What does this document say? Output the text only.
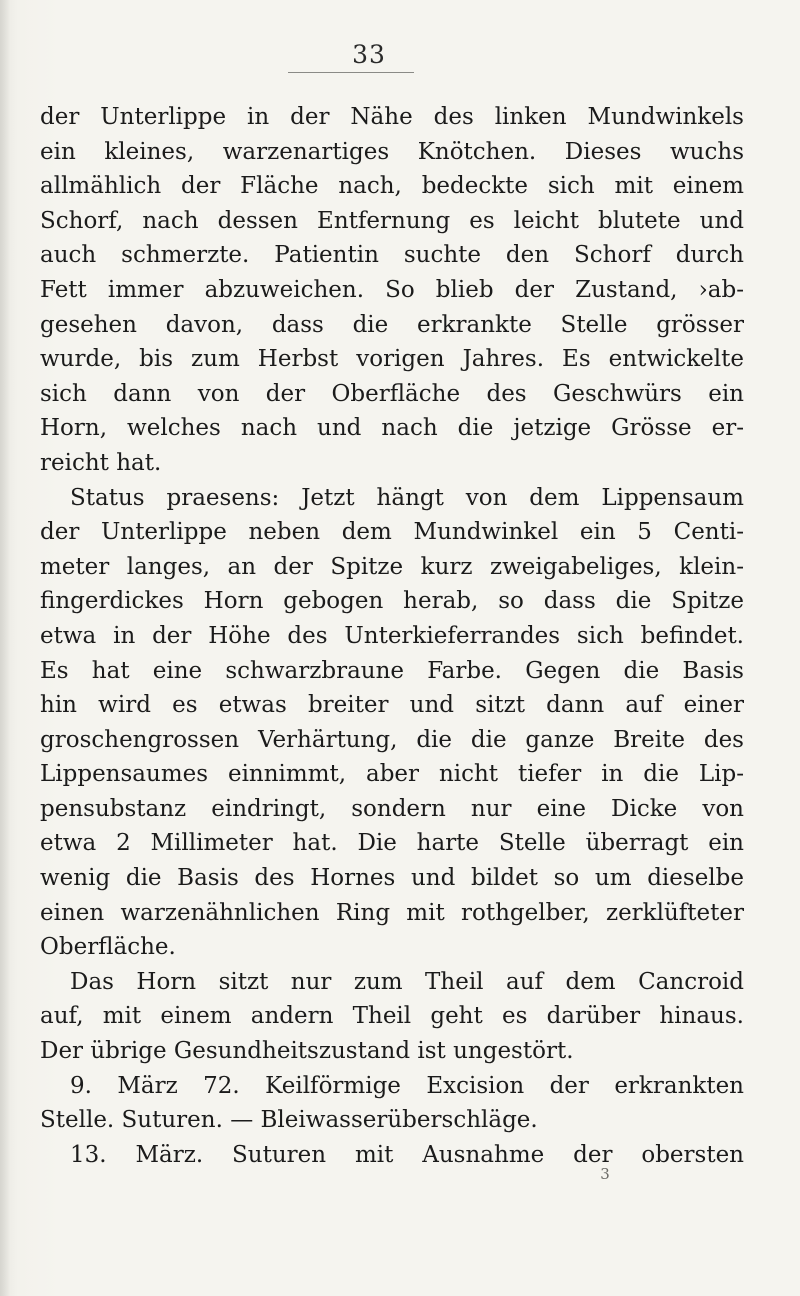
33
der Unterlippe in der Nähe des linken Mundwinkels
ein kleines, warzenartiges Knötchen. Dieses wuchs
allmählich der Fläche nach, bedeckte sich mit einem
Schorf, nach dessen Entfernung es leicht blutete und
auch schmerzte. Patientin suchte den Schorf durch
Fett immer abzuweichen. So blieb der Zustand, ›ab-
gesehen davon, dass die erkrankte Stelle grösser
wurde, bis zum Herbst vorigen Jahres. Es entwickelte
sich dann von der Oberfläche des Geschwürs ein
Horn, welches nach und nach die jetzige Grösse er-
reicht hat.
Status praesens: Jetzt hängt von dem Lippensaum
der Unterlippe neben dem Mundwinkel ein 5 Centi-
meter langes, an der Spitze kurz zweigabeliges, klein-
fingerdickes Horn gebogen herab, so dass die Spitze
etwa in der Höhe des Unterkieferrandes sich befindet.
Es hat eine schwarzbraune Farbe. Gegen die Basis
hin wird es etwas breiter und sitzt dann auf einer
groschengrossen Verhärtung, die die ganze Breite des
Lippensaumes einnimmt, aber nicht tiefer in die Lip-
pensubstanz eindringt, sondern nur eine Dicke von
etwa 2 Millimeter hat. Die harte Stelle überragt ein
wenig die Basis des Hornes und bildet so um dieselbe
einen warzenähnlichen Ring mit rothgelber, zerklüfteter
Oberfläche.
Das Horn sitzt nur zum Theil auf dem Cancroid
auf, mit einem andern Theil geht es darüber hinaus.
Der übrige Gesundheitszustand ist ungestört.
9. März 72. Keilförmige Excision der erkrankten
Stelle. Suturen. — Bleiwasserüberschläge.
13. März. Suturen mit Ausnahme der obersten
3
